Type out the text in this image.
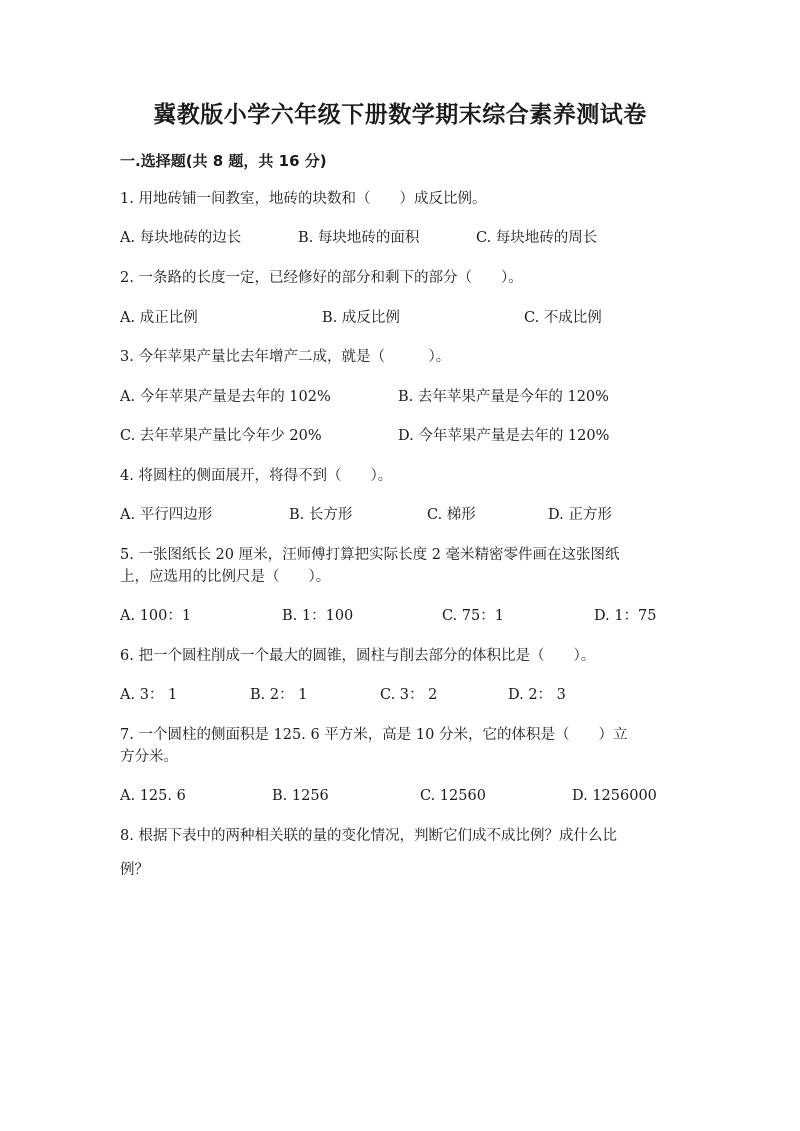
冀教版小学六年级下册数学期末综合素养测试卷
一.选择题(共 8 题，共 16 分)
1. 用地砖铺一间教室，地砖的块数和（　　）成反比例。
A. 每块地砖的边长	B. 每块地砖的面积	C. 每块地砖的周长
2. 一条路的长度一定，已经修好的部分和剩下的部分（　　）。
A. 成正比例	B. 成反比例	C. 不成比例
3. 今年苹果产量比去年增产二成，就是（　　　）。
A. 今年苹果产量是去年的 102%	B. 去年苹果产量是今年的 120%
C. 去年苹果产量比今年少 20%	D. 今年苹果产量是去年的 120%
4. 将圆柱的侧面展开，将得不到（　　）。
A. 平行四边形	B. 长方形	C. 梯形	D. 正方形
5. 一张图纸长 20 厘米，汪师傅打算把实际长度 2 毫米精密零件画在这张图纸
上，应选用的比例尺是（　　）。
A. 100：1	B. 1：100	C. 75：1	D. 1：75
6. 把一个圆柱削成一个最大的圆锥，圆柱与削去部分的体积比是（　　）。
A. 3： 1	B. 2： 1	C. 3： 2	D. 2： 3
7. 一个圆柱的侧面积是 125. 6 平方米，高是 10 分米，它的体积是（　　）立
方分米。
A. 125. 6	B. 1256	C. 12560	D. 1256000
8. 根据下表中的两种相关联的量的变化情况，判断它们成不成比例？成什么比
例？
